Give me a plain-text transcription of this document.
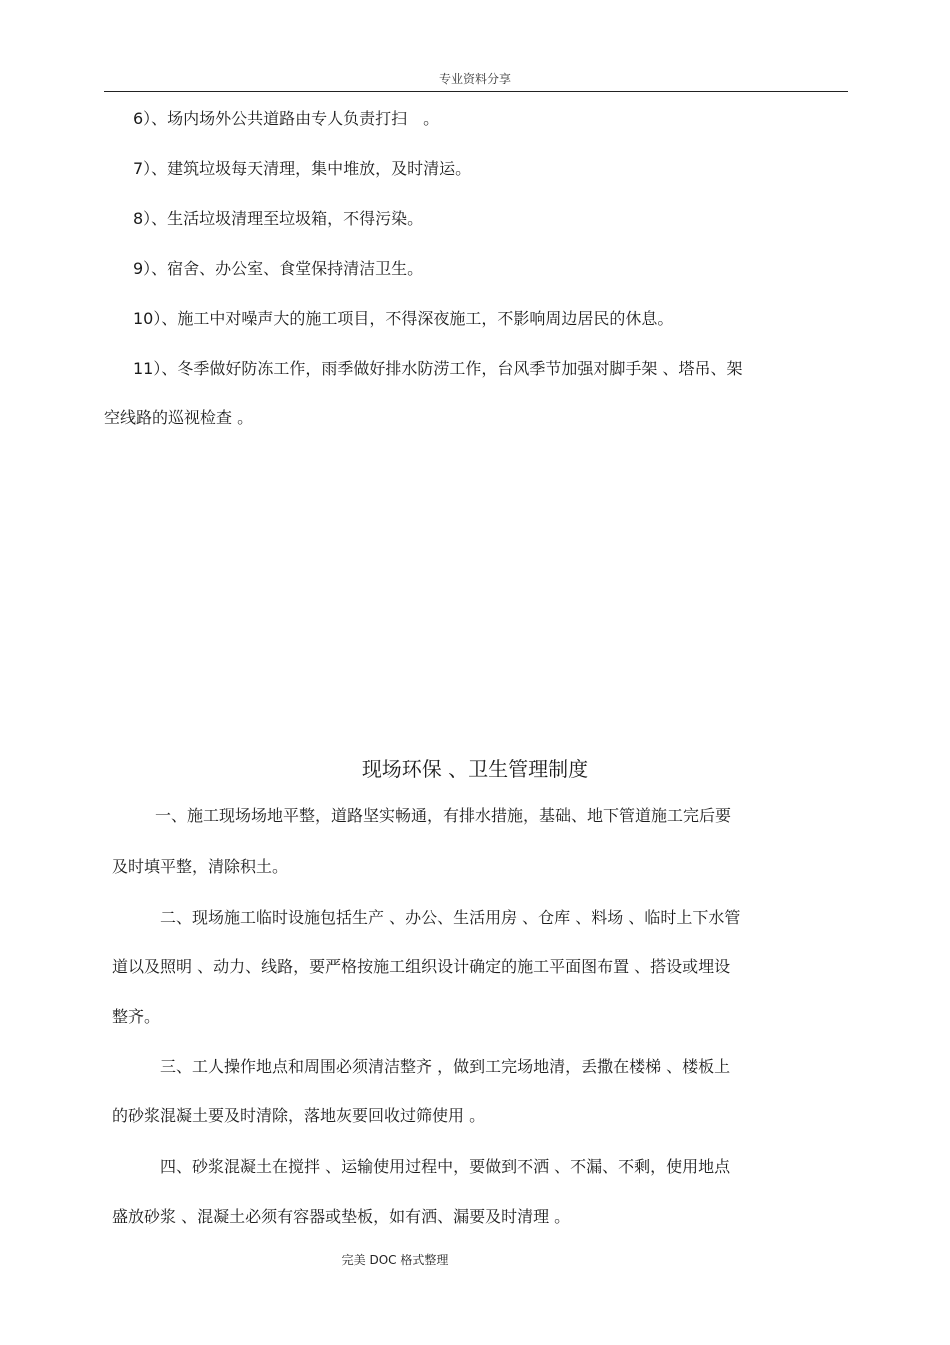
专业资料分享
6）、场内场外公共道路由专人负责打扫　。
7）、建筑垃圾每天清理，集中堆放，及时清运。
8）、生活垃圾清理至垃圾箱，不得污染。
9）、宿舍、办公室、食堂保持清洁卫生。
10）、施工中对噪声大的施工项目，不得深夜施工，不影响周边居民的休息。
11）、冬季做好防冻工作，雨季做好排水防涝工作，台风季节加强对脚手架 、塔吊、架
空线路的巡视检查 。
现场环保 、卫生管理制度
一、施工现场场地平整，道路坚实畅通，有排水措施，基础、地下管道施工完后要
及时填平整，清除积土。
二、现场施工临时设施包括生产 、办公、生活用房 、仓库 、料场 、临时上下水管
道以及照明 、动力、线路，要严格按施工组织设计确定的施工平面图布置 、搭设或埋设
整齐。
三、工人操作地点和周围必须清洁整齐 ，做到工完场地清，丢撒在楼梯 、楼板上
的砂浆混凝土要及时清除，落地灰要回收过筛使用 。
四、砂浆混凝土在搅拌 、运输使用过程中，要做到不洒 、不漏、不剩，使用地点
盛放砂浆 、混凝土必须有容器或垫板，如有洒、漏要及时清理 。
完美 DOC 格式整理
